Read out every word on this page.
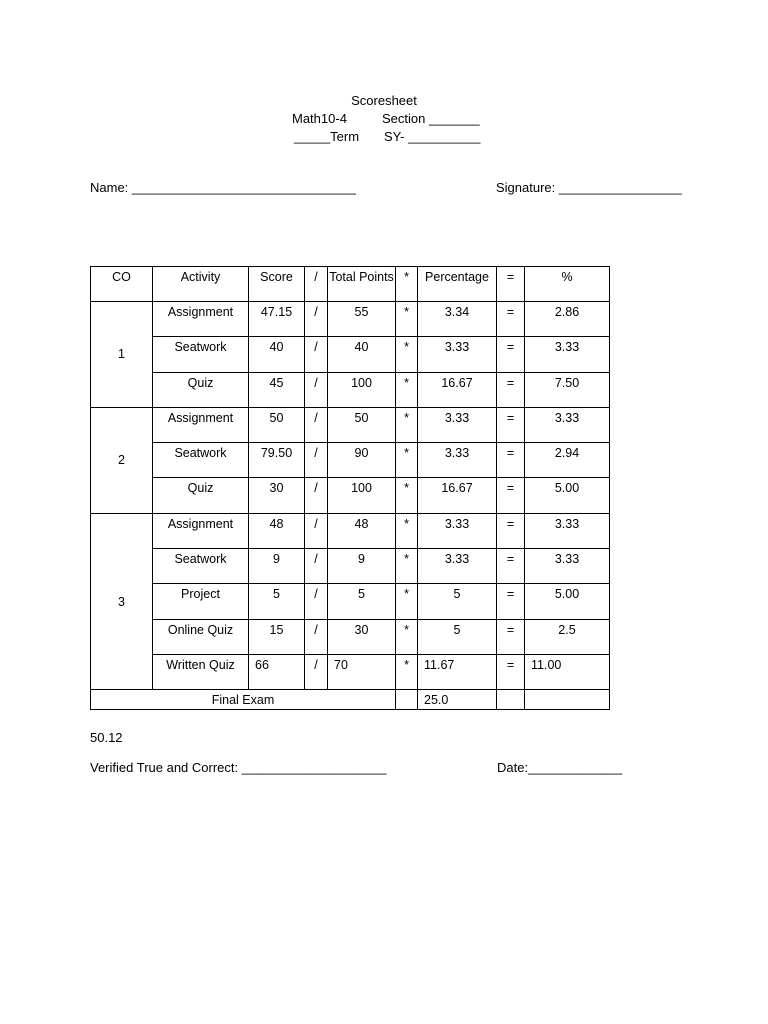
Scoresheet
Math10-4	Section _______
_____Term SY- __________
Name: _______________________________	Signature: _________________
CO	Activity	Score	/	Total Points	*	Percentage	=	%

1	Assignment	47.15	/	55	*	3.34	=	2.86

	Seatwork	40	/	40	*	3.33	=	3.33

	Quiz	45	/	100	*	16.67	=	7.50

2	Assignment	50	/	50	*	3.33	=	3.33

	Seatwork	79.50	/	90	*	3.33	=	2.94

	Quiz	30	/	100	*	16.67	=	5.00

3	Assignment	48	/	48	*	3.33	=	3.33

	Seatwork	9	/	9	*	3.33	=	3.33

	Project	5	/	5	*	5	=	5.00

	Online Quiz	15	/	30	*	5	=	2.5

	Written Quiz	66	/	70	*	11.67	=	11.00

Final Exam						25.0		

50.12
Verified True and Correct: ____________________	Date:_____________
